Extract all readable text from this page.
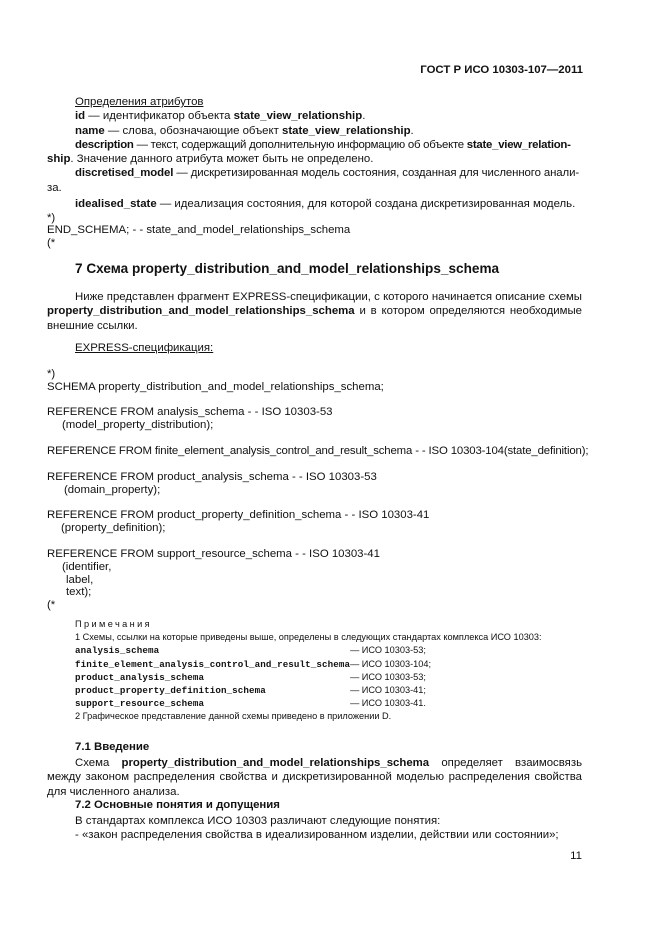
ГОСТ Р ИСО 10303-107—2011
Определения атрибутов
id — идентификатор объекта state_view_relationship.
name — слова, обозначающие объект state_view_relationship.
description — текст, содержащий дополнительную информацию об объекте state_view_relation-
ship. Значение данного атрибута может быть не определено.
discretised_model — дискретизированная модель состояния, созданная для численного анали-
за.
idealised_state — идеализация состояния, для которой создана дискретизированная модель.
*)
END_SCHEMA; - - state_and_model_relationships_schema
(*
7 Схема property_distribution_and_model_relationships_schema
Ниже представлен фрагмент EXPRESS-спецификации, с которого начинается описание схемы property_distribution_and_model_relationships_schema и в котором определяются необходимые внешние ссылки.
EXPRESS-спецификация:
*)
SCHEMA property_distribution_and_model_relationships_schema;
REFERENCE FROM analysis_schema - - ISO 10303-53
(model_property_distribution);
REFERENCE FROM finite_element_analysis_control_and_result_schema - - ISO 10303-104(state_definition);
REFERENCE FROM product_analysis_schema - - ISO 10303-53
(domain_property);
REFERENCE FROM product_property_definition_schema - - ISO 10303-41
(property_definition);
REFERENCE FROM support_resource_schema - - ISO 10303-41
(identifier,
label,
text);
(*
Примечания
1 Схемы, ссылки на которые приведены выше, определены в следующих стандартах комплекса ИСО 10303:
analysis_schema	— ИСО 10303-53;
finite_element_analysis_control_and_result_schema	— ИСО 10303-104;
product_analysis_schema	— ИСО 10303-53;
product_property_definition_schema	— ИСО 10303-41;
support_resource_schema	— ИСО 10303-41.
2 Графическое представление данной схемы приведено в приложении D.
7.1 Введение
Схема property_distribution_and_model_relationships_schema определяет взаимосвязь между законом распределения свойства и дискретизированной моделью распределения свойства для численного анализа.
7.2 Основные понятия и допущения
В стандартах комплекса ИСО 10303 различают следующие понятия:
- «закон распределения свойства в идеализированном изделии, действии или состоянии»;
11
